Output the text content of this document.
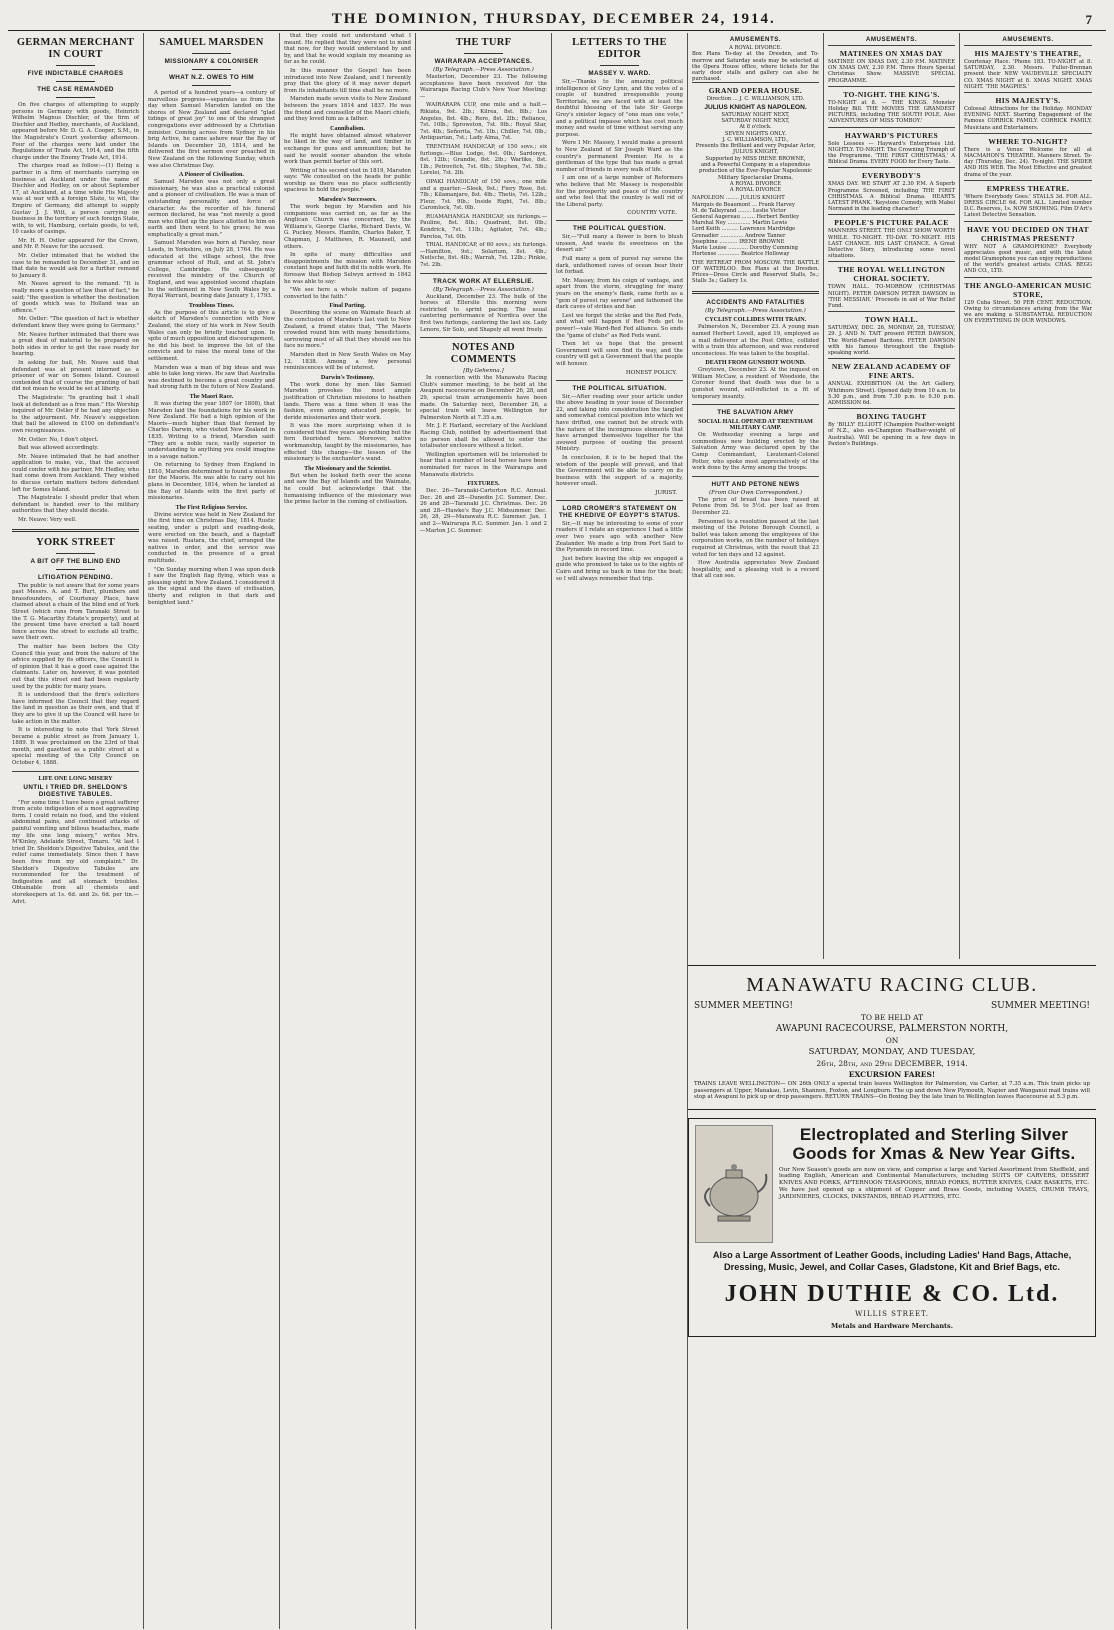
THE DOMINION, THURSDAY, DECEMBER 24, 1914.	7
GERMAN MERCHANT IN COURT
FIVE INDICTABLE CHARGES
THE CASE REMANDED

On five charges of attempting to supply persons in Germany with goods, Heinrich Wilhelm Magnus Dischler, of the firm of Dischler and Hedley, merchants, of Auckland, appeared before Mr. D. G. A. Cooper, S.M., in the Magistrate's Court yesterday afternoon. Four of the charges were laid under the Regulations of Trade Act, 1914, and the fifth charge under the Enemy Trade Act, 1914.

The charges read as follow:—(1) Being a partner in a firm of merchants carrying on business at Auckland under the name of Dischler and Hedley, on or about September 17, at Auckland, at a time while His Majesty was at war with a foreign State, to wit, the Empire of Germany, did attempt to supply Gustav J. J. Witt, a person carrying on business in the territory of such foreign State, with, to wit, Hamburg, certain goods, to wit, 10 casks of casings.

Mr. H. H. Ostler appeared for the Crown, and Mr. P. Neave for the accused.

Mr. Ostler intimated that he wished the case to be remanded to December 31, and on that date he would ask for a further remand to January 8.

Mr. Neave agreed to the remand. "It is really more a question of law than of fact," he said; "the question is whether the destination of goods which was to Holland was an offence."

Mr. Ostler: "The question of fact is whether defendant knew they were going to Germany."

Mr. Neave further intimated that there was a great deal of material to be prepared on both sides in order to get the case ready for hearing.

In asking for bail, Mr. Neave said that defendant was at present interned as a prisoner of war on Somes Island. Counsel contended that of course the granting of bail did not mean he would be set at liberty.

The Magistrate: "In granting bail I shall look at defendant as a free man." His Worship inquired of Mr. Ostler if he had any objection to the adjourment. Mr. Neave's suggestion that bail be allowed in £100 on defendant's own recognisances.

Mr. Ostler: No, I don't object.

Bail was allowed accordingly.

Mr. Neave intimated that he had another application to make, viz., that the accused could confer with his partner, Mr. Hedley, who had come down from Auckland. They wished to discuss certain matters before defendant left for Somes Island.

The Magistrate: I should prefer that when defendant is handed over to the military authorities that they should decide.

Mr. Neave: Very well.

YORK STREET
A BIT OFF THE BLIND END
LITIGATION PENDING.

The public is not aware that for some years past Messrs. A. and T. Burt, plumbers and brassfounders, of Courtenay Place, have claimed about a chain of the blind end of York Street (which runs from Taranaki Street to the T. G. Macarthy Estate's property), and at the present time have erected a tall board fence across the street to exclude all traffic, save their own.

The matter has been before the City Council this year, and from the nature of the advice supplied by its officers, the Council is of opinion that it has a good case against the claimants. Later on, however, it was pointed out that this street end had been regularly used by the public for many years.

It is understood that the firm's solicitors have informed the Council that they regard the land in question as their own, and that if they are to give it up the Council will have to take action in the matter.

It is interesting to note that York Street became a public street as from January 1, 1889. It was proclaimed on the 23rd of that month, and gazetted as a public street at a special meeting of the City Council on October 4, 1888.

LIFE ONE LONG MISERY
UNTIL I TRIED DR. SHELDON'S DIGESTIVE TABULES.

"For some time I have been a great sufferer from acute indigestion of a most aggravating form. I could retain no food, and the violent abdominal pains, and continued attacks of painful vomiting and bilious headaches, made my life one long misery," writes Mrs. M'Kinley, Adelaide Street, Timaru. "At last I tried Dr. Sheldon's Digestive Tabules, and the relief came immediately. Since then I have been free from my old complaint." Dr. Sheldon's Digestive Tabules are recommended for the treatment of Indigestion and all stomach troubles. Obtainable from all chemists and storekeepers at 1s. 6d. and 2s. 6d. per tin.—Advt.

SAMUEL MARSDEN
MISSIONARY & COLONISER
WHAT N.Z. OWES TO HIM

A period of a hundred years—a century of marvellous progress—separates us from the day when Samuel Marsden landed on the shores of New Zealand and declared "glad tidings of great joy" to one of the strangest congregations ever addressed by a Christian minister. Coming across from Sydney in his brig Active, he came ashore near the Bay of Islands on December 20, 1814, and he delivered the first sermon ever preached in New Zealand on the following Sunday, which was also Christmas Day.

A Pioneer of Civilisation.

Samuel Marsden was not only a great missionary, he was also a practical colonist and a pioneer of civilisation. He was a man of outstanding personality and force of character. As the recorder of his funeral sermon declared, he was "not merely a good man who filled up the place allotted to him on earth and then went to his grave; he was emphatically a great man."

Samuel Marsden was born at Farsley, near Leeds, in Yorkshire, on July 28, 1764. He was educated at the village school, the free grammar school of Hull, and at St. John's College, Cambridge. He subsequently received the ministry of the Church of England, and was appointed second chaplain to the settlement in New South Wales by a Royal Warrant, bearing date January 1, 1793.

Troublous Times.

As the purpose of this article is to give a sketch of Marsden's connection with New Zealand, the story of his work in New South Wales can only be briefly touched upon. In spite of much opposition and discouragement, he did his best to improve the lot of the convicts and to raise the moral tone of the settlement.

Marsden was a man of big ideas and was able to take long views. He saw that Australia was destined to become a great country and had strong faith in the future of New Zealand.

The Maori Race.

It was during the year 1807 (or 1808), that Marsden laid the foundations for his work in New Zealand. He had a high opinion of the Maoris—much higher than that formed by Charles Darwin, who visited New Zealand in 1835. Writing to a friend, Marsden said: "They are a noble race, vastly superior in understanding to anything you could imagine in a savage nation."

On returning to Sydney from England in 1810, Marsden determined to found a mission for the Maoris. He was able to carry out his plans in December, 1814, when he landed at the Bay of Islands with the first party of missionaries.

The First Religious Service.

Divine service was held in New Zealand for the first time on Christmas Day, 1814. Rustic seating, under a pulpit and reading-desk, were erected on the beach, and a flagstaff was raised. Ruatara, the chief, arranged the natives in order, and the service was conducted in the presence of a great multitude.

"On Sunday morning when I was upon deck I saw the English flag flying, which was a pleasing sight in New Zealand. I considered it as the signal and the dawn of civilisation, liberty and religion in that dark and benighted land."

that they could not understand what I meant. He replied that they were not to mind that now, for they would understand by and by, and that he would explain my meaning as far as he could.

In this manner the Gospel has been introduced into New Zealand, and I fervently pray that the glory of it may never depart from its inhabitants till time shall be no more.

Marsden made seven visits to New Zealand between the years 1814 and 1837. He was the friend and counsellor of the Maori chiefs, and they loved him as a father.

Cannibalism.

He might have obtained almost whatever he liked in the way of land, and timber in exchange for guns and ammunition; but he said he would sooner abandon the whole work than permit barter of this sort.

Writing of his second visit in 1819, Marsden says: "We consulted on the heads for public worship as there was no place sufficiently spacious to hold the people."

Marsden's Successors.

The work begun by Marsden and his companions was carried on, as far as the Anglican Church was concerned, by the Williams's, George Clarke, Richard Davis, W. G. Puckey, Messrs. Hamlin, Charles Baker, T. Chapman, J. Matthews, R. Maunsell, and others.

In spite of many difficulties and disappointments the mission with Marsden constant hope and faith did its noble work. He foresaw that Bishop Selwyn arrived in 1842 he was able to say:

"We see here a whole nation of pagans converted to the faith."

Final Parting.

Describing the scene on Waimate Beach at the conclusion of Marsden's last visit to New Zealand, a friend states that, "The Maoris crowded round him with many benedictions, sorrowing most of all that they should see his face no more."

Marsden died in New South Wales on May 12, 1838. Among a few personal reminiscences will be of interest.

Darwin's Testimony.

The work done by men like Samuel Marsden provokes the most ample justification of Christian missions to heathen lands. There was a time when it was the fashion, even among educated people, to deride missionaries and their work.

It was the more surprising when it is considered that five years ago nothing but the fern flourished here. Moreover, native workmanship, taught by the missionaries, has effected this change—the lesson of the missionary is the enchanter's wand.

The Missionary and the Scientist.

But when he looked forth over the scene and saw the Bay of Islands and the Waimate, he could but acknowledge that the humanising influence of the missionary was the prime factor in the coming of civilisation.

THE TURF
WAIRARAPA ACCEPTANCES.
(By Telegraph.—Press Association.)

Masterton, December 23. The following acceptances have been received for the Wairarapa Racing Club's New Year Meeting:—

WAIRARAPA CUP, one mile and a half.—Rikiata, 9st. 2lb.; Kilrea, 8st. 8lb.; Los Angeles, 8st. 4lb.; Rere, 8st. 2lb.; Reliance, 7st. 10lb.; Sprowston, 7st. 9lb.; Royal Star, 7st. 4lb.; Señorita, 7st. 1lb.; Chiller, 7st. 0lb.; Antiquarian, 7st.; Lady Alma, 7st.

TRENTHAM HANDICAP, of 150 sovs.; six furlongs.—Blue Lodge, 9st. 0lb.; Sardonyx, 8st. 12lb.; Grandie, 8st. 2lb.; Warlike, 8st. 1lb.; Petrovitch, 7st. 6lb.; Stephen, 7st. 5lb.; Lorelei, 7st. 2lb.

OPAKI HANDICAP, of 150 sovs.; one mile and a quarter.—Sleek, 9st.; Fiery Rose, 8st. 7lb.; Kilamanjaro, 8st. 4lb.; Thetis, 7st. 12lb.; Fleur, 7st. 9lb.; Inside Right, 7st. 8lb.; Caromlock, 7st. 0lb.

RUAMAHANGA HANDICAP, six furlongs.—Pauline, 8st. 8lb.; Quadrant, 8st. 0lb.; Kendrick, 7st. 11lb.; Agitator, 7st. 4lb.; Paretoa, 7st. 0lb.

TRIAL HANDICAP, of 60 sovs.; six furlongs.—Hamilton, 9st.; Solarium, 8st. 4lb.; Neitsche, 8st. 4lb.; Warrah, 7st. 12lb.; Pinkie, 7st. 2lb.

TRACK WORK AT ELLERSLIE.
(By Telegraph.—Press Association.)

Auckland, December 23. The bulk of the horses at Ellerslie this morning were restricted to sprint pacing. The usual cantering performance of Nordica over the first two furlongs, cantering the last six. Lady Lenore, Sir Solo, and Shapely all went freely.

NOTES AND COMMENTS
[By Gehenna.]

In connection with the Manawatu Racing Club's summer meeting, to be held at the Awapuni racecourse on December 26, 28, and 29, special train arrangements have been made. On Saturday next, December 26, a special train will leave Wellington for Palmerston North at 7.35 a.m.

Mr. J. F. Harland, secretary of the Auckland Racing Club, notified by advertisement that no person shall be allowed to enter the totalisator enclosure without a ticket.

Wellington sportsmen will be interested to hear that a number of local horses have been nominated for races in the Wairarapa and Manawatu districts.

FIXTURES.

Dec. 26—Taranaki-Carterton R.C. Annual. Dec. 26 and 28—Dunedin J.C. Summer. Dec. 26 and 28—Taranaki J.C. Christmas. Dec. 26 and 28—Hawke's Bay J.C. Midsummer. Dec. 26, 28, 29—Manawatu R.C. Summer. Jan. 1 and 2—Wairarapa R.C. Summer. Jan. 1 and 2—Marton J.C. Summer.

LETTERS TO THE EDITOR
MASSEY V. WARD.

Sir,—Thanks to the amazing political intelligence of Grey Lynn, and the votes of a couple of hundred irresponsible young Territorials, we are faced with at least the doubtful blessing of the late Sir George Grey's sinister legacy of "one man one vote," and a political impasse which has cost much money and waste of time without serving any purpose.

Were I Mr. Massey, I would make a present to New Zealand of Sir Joseph Ward as the country's permanent Premier. He is a gentleman of the type that has made a great number of friends in every walk of life.

I am one of a large number of Reformers who believe that Mr. Massey is responsible for the prosperity and peace of the country and who feel that the country is well rid of the Liberal party.

COUNTRY VOTE.
THE POLITICAL QUESTION.

Sir,—"Full many a flower is born to blush unseen, And waste its sweetness on the desert air."

Full many a gem of purest ray serene the dark, unfathomed caves of ocean bear their lot forbad.

Mr. Massey, from his coign of vantage, and apart from the storm, struggling for many years on the enemy's flank, came forth as a "gem of purest ray serene" and fathomed the dark caves of strikes and bar.

Lest we forget the strike and the Red Feds, and what will happen if Red Feds get to power!—vale Ward-Red Fed alliance. So ends the "game of clubs" as Red Feds want.

Then let us hope that the present Government will soon find its way, and the country will get a Government that the people will honour.

HONEST POLICY.
THE POLITICAL SITUATION.

Sir,—After reading over your article under the above heading in your issue of December 22, and taking into consideration the tangled and somewhat comical position into which we have drifted, one cannot but be struck with the nature of the incongruous elements that have arranged themselves together for the avowed purpose of ousting the present Ministry.

In conclusion, it is to be hoped that the wisdom of the people will prevail, and that the Government will be able to carry on its business with the support of a majority, however small.

JURIST.
LORD CROMER'S STATEMENT ON THE KHEDIVE OF EGYPT'S STATUS.

Sir,—It may be interesting to some of your readers if I relate an experience I had a little over two years ago with another New Zealander. We made a trip from Port Said to the Pyramids in record time.

Just before leaving the ship we engaged a guide who promised to take us to the sights of Cairo and bring us back in time for the boat; so I will always remember that trip.

AMUSEMENTS.
A ROYAL DIVORCE.

Box Plans To-day at the Dresden, and To-morrow and Saturday seats may be selected at the Opera House office, where tickets for the early door stalls and gallery can also be purchased.

GRAND OPERA HOUSE.
Direction ... J. C. WILLIAMSON, LTD.
JULIUS KNIGHT AS NAPOLEON.

SATURDAY NIGHT NEXT,

SATURDAY NIGHT NEXT,

At 8 o'clock.

SEVEN NIGHTS ONLY.

J. C. WILLIAMSON, LTD.,

Presents the Brilliant and very Popular Actor,

JULIUS KNIGHT,

Supported by MISS IRENE BROWNE,

and a Powerful Company in a stupendous production of the Ever-Popular Napoleonic Military Spectacular Drama,

A ROYAL DIVORCE

A ROYAL DIVORCE

NAPOLEON ........ JULIUS KNIGHT

Marquis de Beaumont ... Frank Harvey

M. de Talleyrand ........ Leslie Victor

General Augereau ........ Herbert Bentley

Marshal Ney .............. Martin Lewis

Lord Keith .......... Lawrence Mardridge

Grenadier .............. Andrew Tanner

Josephine ........... IRENE BROWNE

Marie Louise ............ Dorothy Cumming

Hortense ............. Beatrice Holloway

THE RETREAT FROM MOSCOW. THE BATTLE OF WATERLOO. Box Plans at the Dresden. Prices—Dress Circle and Reserved Stalls, 5s.; Stalls 3s.; Gallery 1s.

ACCIDENTS AND FATALITIES
(By Telegraph.—Press Association.)
CYCLIST COLLIDES WITH TRAIN.

Palmerston N., December 23. A young man named Herbert Lovell, aged 19, employed as a mail deliverer at the Post Office, collided with a train this afternoon, and was rendered unconscious. He was taken to the hospital.

DEATH FROM GUNSHOT WOUND.

Greytown, December 23. At the inquest on William McCaw, a resident of Woodside, the Coroner found that death was due to a gunshot wound, self-inflicted in a fit of temporary insanity.

THE SALVATION ARMY
SOCIAL HALL OPENED AT TRENTHAM MILITARY CAMP.

On Wednesday evening a large and commodious new building erected by the Salvation Army was declared open by the Camp Commandant, Lieutenant-Colonel Potter, who spoke most appreciatively of the work done by the Army among the troops.

HUTT AND PETONE NEWS
(From Our Own Correspondent.)

The price of bread has been raised at Petone from 5d. to 5½d. per loaf as from December 22.

Personnel to a resolution passed at the last meeting of the Petone Borough Council, a ballot was taken among the employees of the corporation works, on the number of holidays required at Christmas, with the result that 23 voted for ten days and 12 against.

How Australia appreciates New Zealand hospitality, and a pleasing visit is a record that all can see.

AMUSEMENTS.
MATINEES ON XMAS DAY

MATINEE ON XMAS DAY, 2.30 P.M. MATINEE ON XMAS DAY, 2.30 P.M. Three Hours Special Christmas Show. MASSIVE SPECIAL PROGRAMME.

TO-NIGHT. THE KING'S.

TO-NIGHT at 8. — THE KINGS. Monster Holiday Bill. THE MOVIES THE GRANDEST PICTURES, including THE SOUTH POLE. Also 'ADVENTURES OF MISS TOMBOY.'

HAYWARD'S PICTURES

Sole Lessees — Hayward's Enterprises Ltd. NIGHTLY. TO-NIGHT. The Crowning Triumph of the Programme. 'THE FIRST CHRISTMAS,' A Biblical Drama. EVERY FOOD for Every Taste.

EVERYBODY'S

XMAS DAY. WE START AT 2.30 P.M. A Superb Programme Screened, including THE FIRST CHRISTMAS. A Biblical Drama. HEARTS LATEST PRANK. 'Keystone Comedy, with Mabel Normand in the leading character.'

PEOPLE'S PICTURE PALACE

MANNERS STREET. THE ONLY SHOW WORTH WHILE. TO-NIGHT. TO-DAY. TO-NIGHT. HIS LAST CHANCE. HIS LAST CHANCE. A Great Detective Story, introducing some novel situations.

THE ROYAL WELLINGTON CHORAL SOCIETY.

TOWN HALL. TO-MORROW (CHRISTMAS NIGHT). PETER DAWSON PETER DAWSON in 'THE MESSIAH.' Proceeds in aid of War Relief Fund.

TOWN HALL.

SATURDAY, DEC. 26, MONDAY, 28, TUESDAY, 29. J. AND N. TAIT present PETER DAWSON, The World-Famed Baritone. PETER DAWSON with his famous throughout the English-speaking world.

NEW ZEALAND ACADEMY OF FINE ARTS.

ANNUAL EXHIBITION (At the Art Gallery, Whitmore Street). Opened daily from 10 a.m. to 5.30 p.m., and from 7.30 p.m. to 9.30 p.m. ADMISSION 6d.

BOXING TAUGHT

By 'BILLY' ELLIOTT (Champion Feather-weight of N.Z., also ex-Champion Feather-weight of Australia). Will be opening in a few days in Paxton's Buildings.

AMUSEMENTS.
HIS MAJESTY'S THEATRE,

Courtenay Place. 'Phone 183. TO-NIGHT at 8. SATURDAY, 2.30. Messrs. Fuller-Brennan present their NEW VAUDEVILLE SPECIALTY CO. XMAS NIGHT at 8. XMAS NIGHT. XMAS NIGHT. 'THE MAGPIES.'

HIS MAJESTY'S.

Colossal Attractions for the Holiday. MONDAY EVENING NEXT. Starring Engagement of the Famous CORRICK FAMILY. CORRICK FAMILY. Musicians and Entertainers.

WHERE TO-NIGHT?

There is a Venue Welcome for all at MACMAHON'S THEATRE. Manners Street. To-day (Thursday, Dec. 24). To-night. THE SPIDER AND HIS WEB. The Most Effective and greatest drama of the year.

EMPRESS THEATRE.

'Where Everybody Goes.' STALLS 3d. FOR ALL. DRESS CIRCLE 6d. FOR ALL. Limited number D.C. Reserves, 1s. NOW SHOWING. Film D'Art's Latest Detective Sensation.

HAVE YOU DECIDED ON THAT CHRISTMAS PRESENT?

WHY NOT A GRAMOPHONE? Everybody appreciates good music, and with the latest model Gramophone you can enjoy reproductions of the world's greatest artists. CHAS. BEGG AND CO., LTD.

THE ANGLO-AMERICAN MUSIC STORE,

129 Cuba Street. 50 PER CENT. REDUCTION. Owing to circumstances arising from the War we are making a SUBSTANTIAL REDUCTION ON EVERYTHING IN OUR WINDOWS.

MANAWATU RACING CLUB.
SUMMER MEETING!	SUMMER MEETING!
TO BE HELD AT
AWAPUNI RACECOURSE, PALMERSTON NORTH,
ON
SATURDAY, MONDAY, AND TUESDAY,
26th, 28th, and 29th DECEMBER, 1914.
EXCURSION FARES!

TRAINS LEAVE WELLINGTON— ON 26th ONLY a special train leaves Wellington for Palmerston, via Carter, at 7.35 a.m. This train picks up passengers at Upper, Manakau, Levin, Shannon, Foxton, and Longburn. The up and down New Plymouth, Napier and Wanganui mail trains will stop at Awapuni to pick up or drop passengers. RETURN TRAINS—On Boxing Day the late train to Wellington leaves Racecourse at 5.3 p.m.

Electroplated and Sterling Silver Goods for Xmas & New Year Gifts.

Our New Season's goods are now on view, and comprise a large and Varied Assortment from Sheffield, and leading English, American and Continental Manufacturers, including SUITS OF CARVERS, DESSERT KNIVES AND FORKS, AFTERNOON TEASPOONS, BREAD FORKS, BUTTER KNIVES, CAKE BASKETS, ETC. We have just opened up a shipment of Copper and Brass Goods, including VASES, CRUMB TRAYS, JARDINIERES, CLOCKS, INKSTANDS, BREAD PLATTERS, ETC.

Also a Large Assortment of Leather Goods, including Ladies' Hand Bags, Attache, Dressing, Music, Jewel, and Collar Cases, Gladstone, Kit and Brief Bags, etc.
JOHN DUTHIE & CO. Ltd.
WILLIS STREET.
Metals and Hardware Merchants.
